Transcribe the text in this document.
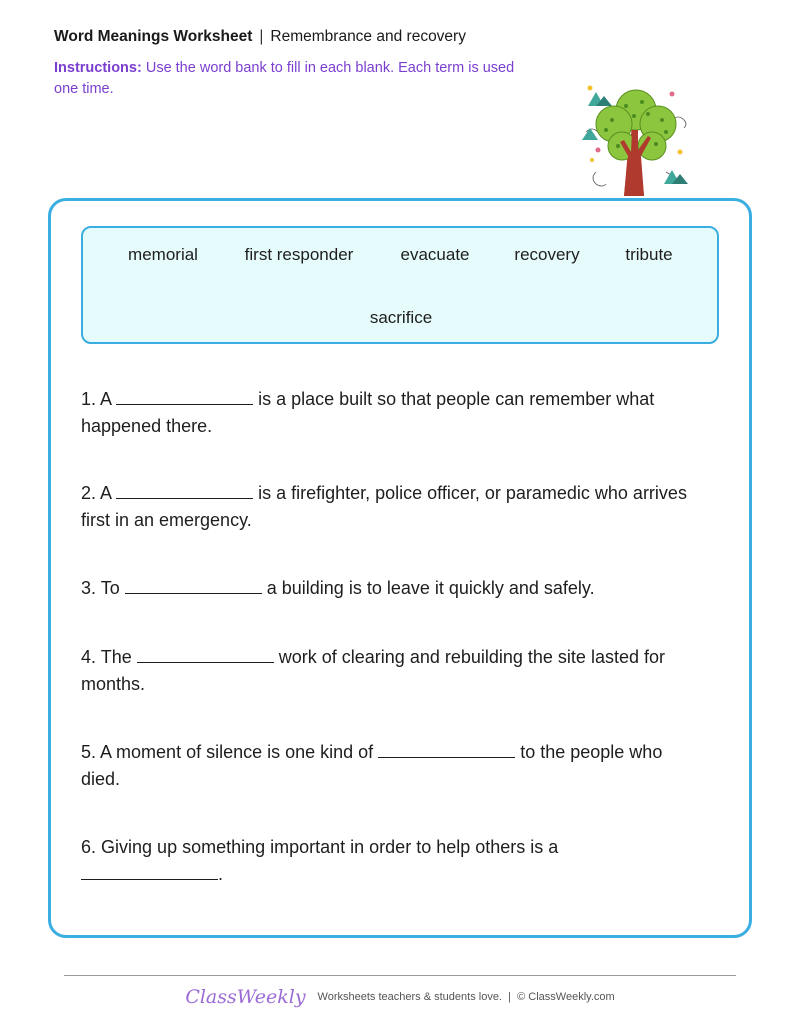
Word Meanings Worksheet | Remembrance and recovery
Instructions: Use the word bank to fill in each blank. Each term is used one time.
memorial	first responder	evacuate	recovery	tribute
sacrifice
1. A	is a place built so that people can remember what happened there.
2. A	is a firefighter, police officer, or paramedic who arrives first in an emergency.
3. To	a building is to leave it quickly and safely.
4. The	work of clearing and rebuilding the site lasted for months.
5. A moment of silence is one kind of	to the people who died.
6. Giving up something important in order to help others is a .
ClassWeekly Worksheets teachers & students love. | © ClassWeekly.com
